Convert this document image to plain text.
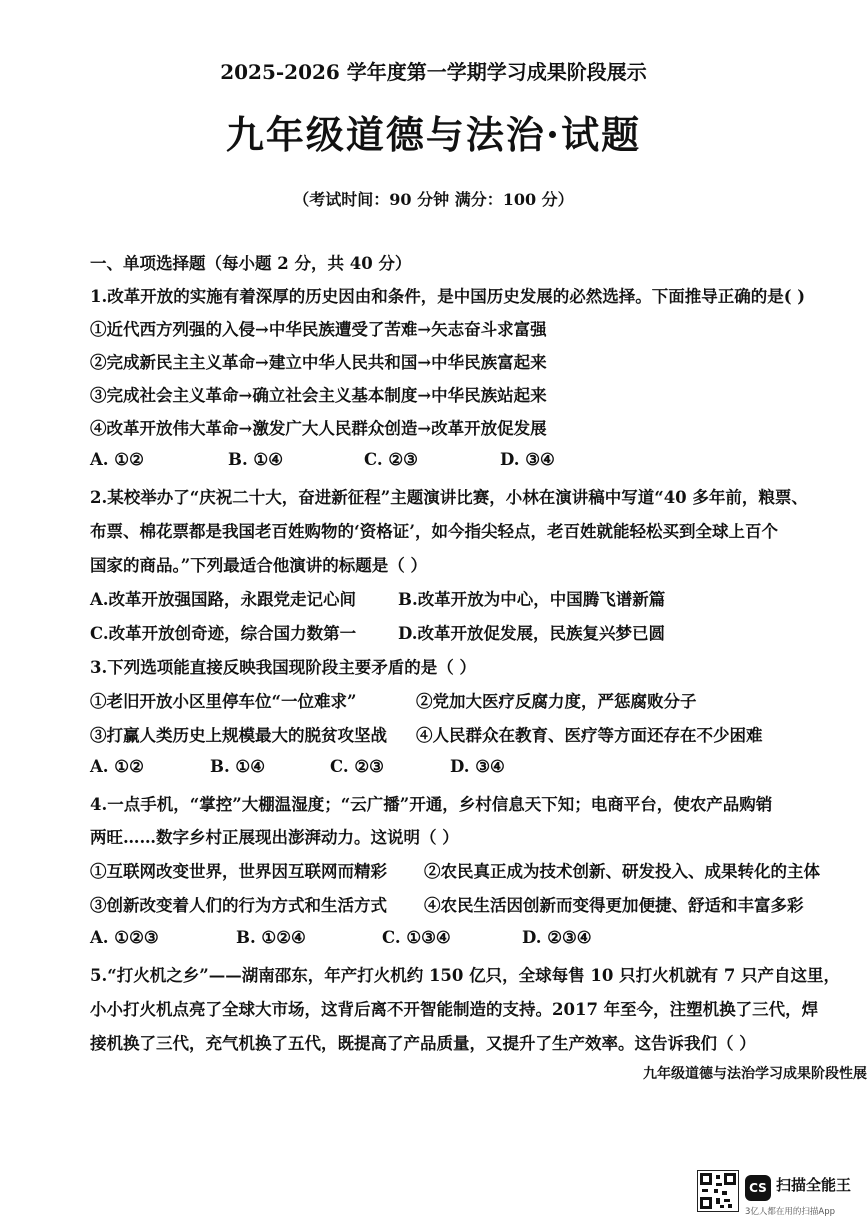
2025-2026 学年度第一学期学习成果阶段展示
九年级道德与法治·试题
（考试时间：90 分钟 满分：100 分）
一、单项选择题（每小题 2 分，共 40 分）
1.改革开放的实施有着深厚的历史因由和条件，是中国历史发展的必然选择。下面推导正确的是( )
①近代西方列强的入侵→中华民族遭受了苦难→矢志奋斗求富强
②完成新民主主义革命→建立中华人民共和国→中华民族富起来
③完成社会主义革命→确立社会主义基本制度→中华民族站起来
④改革开放伟大革命→激发广大人民群众创造→改革开放促发展
A. ①②	B. ①④	C. ②③	D. ③④
2.某校举办了“庆祝二十大，奋进新征程”主题演讲比赛，小林在演讲稿中写道“40 多年前，粮票、
布票、棉花票都是我国老百姓购物的‘资格证’，如今指尖轻点，老百姓就能轻松买到全球上百个
国家的商品。”下列最适合他演讲的标题是（ ）
A.改革开放强国路，永跟党走记心间	B.改革开放为中心，中国腾飞谱新篇
C.改革开放创奇迹，综合国力数第一	D.改革开放促发展，民族复兴梦已圆
3.下列选项能直接反映我国现阶段主要矛盾的是（ ）
①老旧开放小区里停车位“一位难求”	②党加大医疗反腐力度，严惩腐败分子
③打赢人类历史上规模最大的脱贫攻坚战 ④人民群众在教育、医疗等方面还存在不少困难
A. ①②	B. ①④	C. ②③	D. ③④
4.一点手机，“掌控”大棚温湿度；“云广播”开通，乡村信息天下知；电商平台，使农产品购销
两旺……数字乡村正展现出澎湃动力。这说明（ ）
①互联网改变世界，世界因互联网而精彩 ②农民真正成为技术创新、研发投入、成果转化的主体
③创新改变着人们的行为方式和生活方式 ④农民生活因创新而变得更加便捷、舒适和丰富多彩
A. ①②③	B. ①②④	C. ①③④	D. ②③④
5.“打火机之乡”——湖南邵东，年产打火机约 150 亿只，全球每售 10 只打火机就有 7 只产自这里，
小小打火机点亮了全球大市场，这背后离不开智能制造的支持。2017 年至今，注塑机换了三代，焊
接机换了三代，充气机换了五代，既提高了产品质量，又提升了生产效率。这告诉我们（ ）
九年级道德与法治学习成果阶段性展
CS 扫描全能王
3亿人都在用的扫描App
